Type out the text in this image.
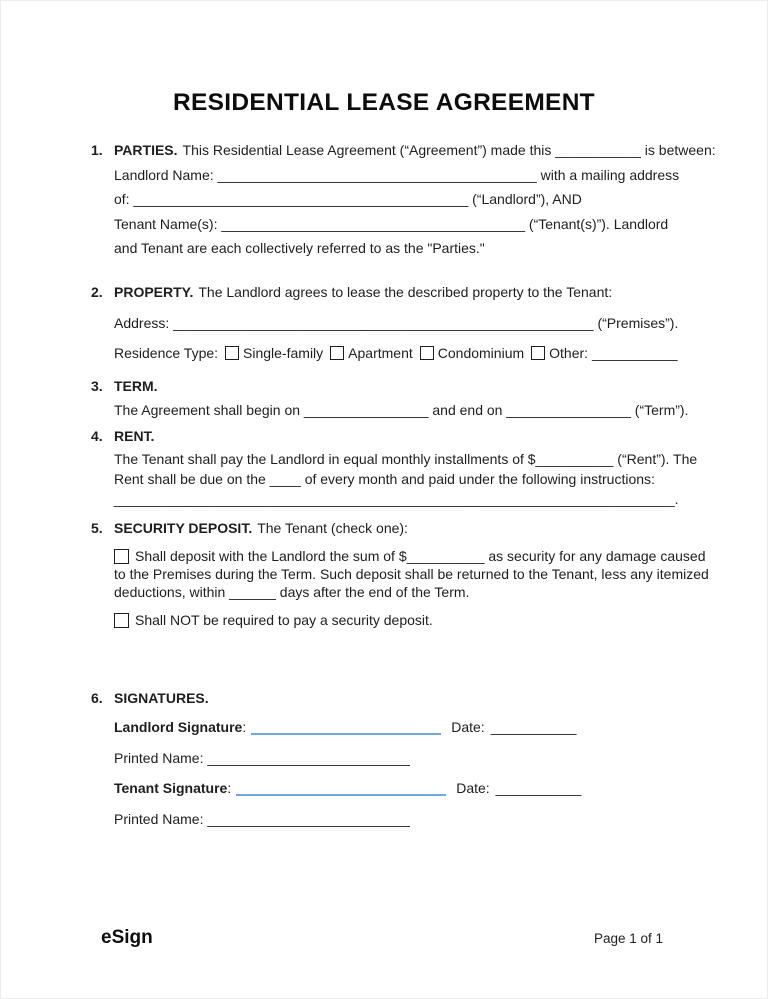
RESIDENTIAL LEASE AGREEMENT
1. PARTIES. This Residential Lease Agreement (“Agreement”) made this ___________ is between:
Landlord Name: _________________________________________ with a mailing address
of: ___________________________________________ (“Landlord”), AND
Tenant Name(s): _______________________________________ (“Tenant(s)”). Landlord
and Tenant are each collectively referred to as the "Parties."
2. PROPERTY. The Landlord agrees to lease the described property to the Tenant:
Address: ______________________________________________________ (“Premises”).
Residence Type: Single-family Apartment Condominium Other: ___________
3. TERM.
The Agreement shall begin on ________________ and end on ________________ (“Term”).
4. RENT.
The Tenant shall pay the Landlord in equal monthly installments of $__________ (“Rent”). The
Rent shall be due on the ____ of every month and paid under the following instructions:
________________________________________________________________________.
5. SECURITY DEPOSIT. The Tenant (check one):
Shall deposit with the Landlord the sum of $__________ as security for any damage caused
to the Premises during the Term. Such deposit shall be returned to the Tenant, less any itemized
deductions, within ______ days after the end of the Term.
Shall NOT be required to pay a security deposit.
6. SIGNATURES.
Landlord Signature:	Date: ___________
Printed Name: __________________________
Tenant Signature:	Date: ___________
Printed Name: __________________________
eSign	Page 1 of 1
